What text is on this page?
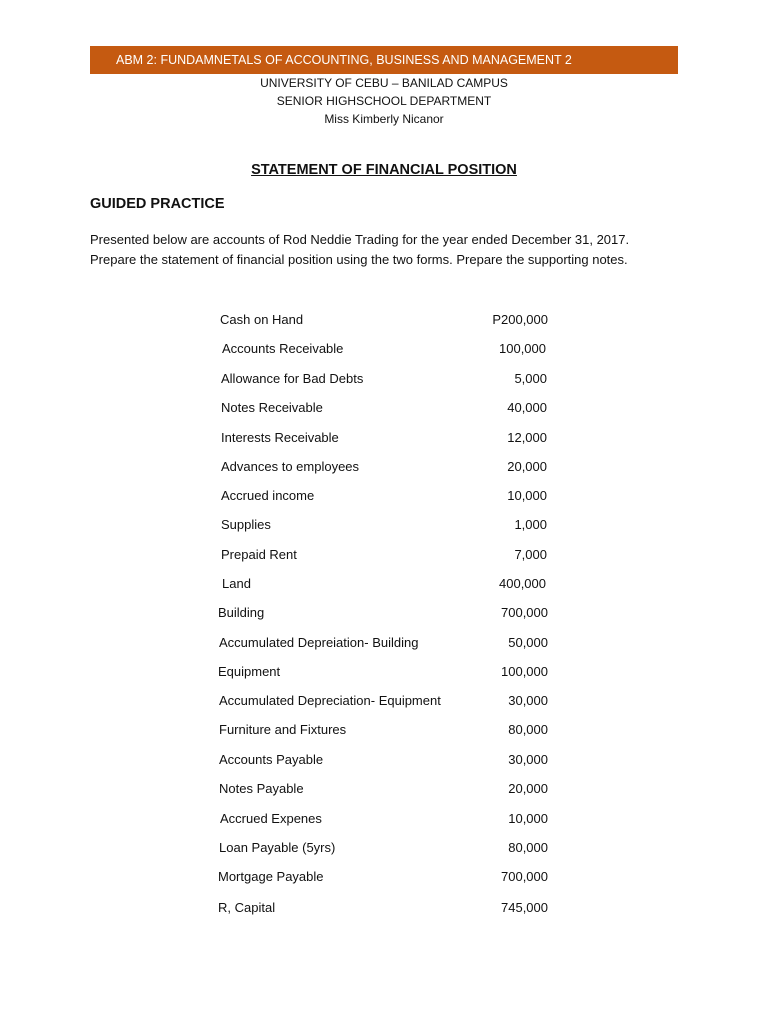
ABM 2: FUNDAMNETALS OF ACCOUNTING, BUSINESS AND MANAGEMENT 2
UNIVERSITY OF CEBU – BANILAD CAMPUS
SENIOR HIGHSCHOOL DEPARTMENT
Miss Kimberly Nicanor
STATEMENT OF FINANCIAL POSITION
GUIDED PRACTICE

Presented below are accounts of Rod Neddie Trading for the year ended December 31, 2017.

Prepare the statement of financial position using the two forms. Prepare the supporting notes.

Cash on Hand	P200,000
Accounts Receivable	100,000
Allowance for Bad Debts	5,000
Notes Receivable	40,000
Interests Receivable	12,000
Advances to employees	20,000
Accrued income	10,000
Supplies	1,000
Prepaid Rent	7,000
Land	400,000
Building	700,000
Accumulated Depreiation- Building	50,000
Equipment	100,000
Accumulated Depreciation- Equipment	30,000
Furniture and Fixtures	80,000
Accounts Payable	30,000
Notes Payable	20,000
Accrued Expenes	10,000
Loan Payable (5yrs)	80,000
Mortgage Payable	700,000
R, Capital	745,000
